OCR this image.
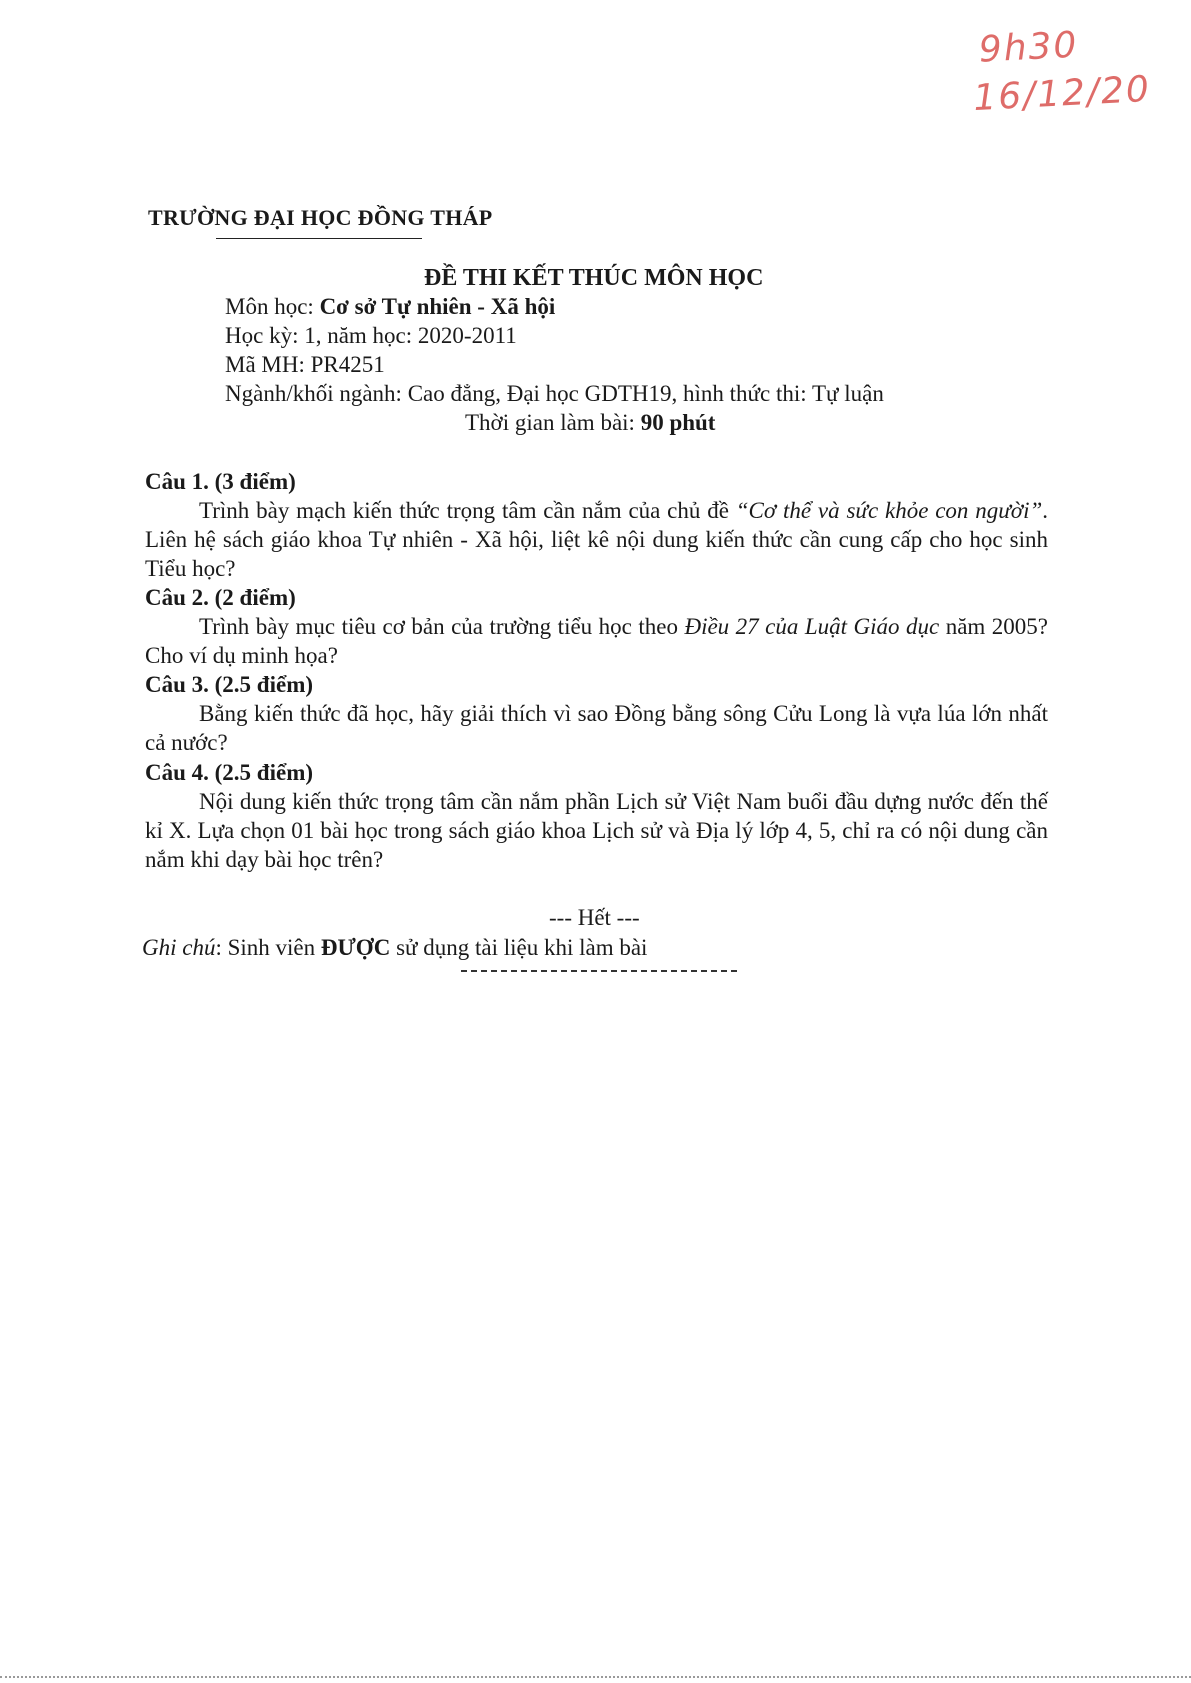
9h30
16/12/20
TRƯỜNG ĐẠI HỌC ĐỒNG THÁP
ĐỀ THI KẾT THÚC MÔN HỌC
Môn học: Cơ sở Tự nhiên - Xã hội
Học kỳ: 1, năm học: 2020-2011
Mã MH: PR4251
Ngành/khối ngành: Cao đẳng, Đại học GDTH19, hình thức thi: Tự luận
Thời gian làm bài: 90 phút
Câu 1. (3 điểm)
Trình bày mạch kiến thức trọng tâm cần nắm của chủ đề “Cơ thể và sức khỏe con người”. Liên hệ sách giáo khoa Tự nhiên - Xã hội, liệt kê nội dung kiến thức cần cung cấp cho học sinh Tiểu học?
Câu 2. (2 điểm)
Trình bày mục tiêu cơ bản của trường tiểu học theo Điều 27 của Luật Giáo dục năm 2005? Cho ví dụ minh họa?
Câu 3. (2.5 điểm)
Bằng kiến thức đã học, hãy giải thích vì sao Đồng bằng sông Cửu Long là vựa lúa lớn nhất cả nước?
Câu 4. (2.5 điểm)
Nội dung kiến thức trọng tâm cần nắm phần Lịch sử Việt Nam buổi đầu dựng nước đến thế kỉ X. Lựa chọn 01 bài học trong sách giáo khoa Lịch sử và Địa lý lớp 4, 5, chỉ ra có nội dung cần nắm khi dạy bài học trên?
--- Hết ---
Ghi chú: Sinh viên ĐƯỢC sử dụng tài liệu khi làm bài
